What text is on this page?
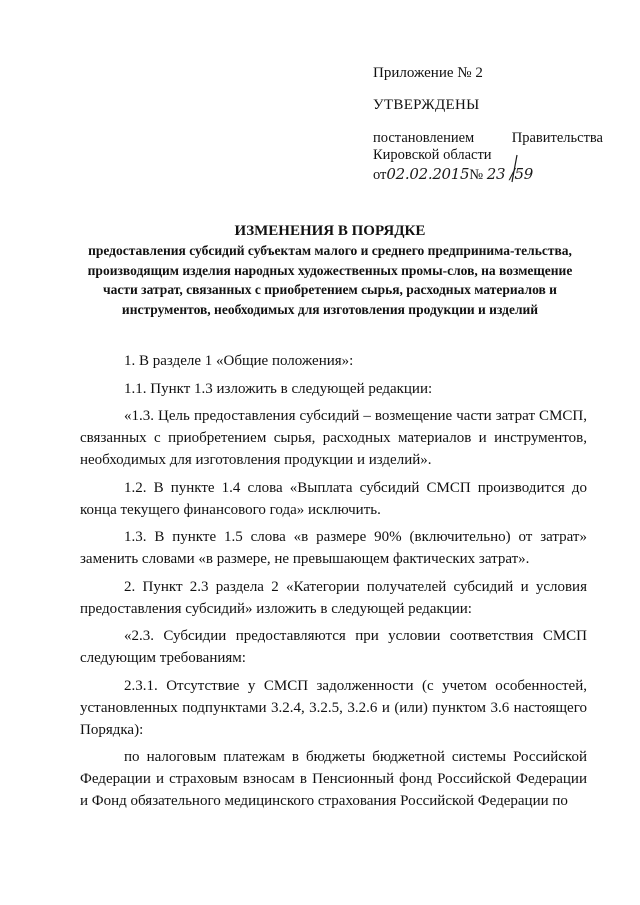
Приложение № 2
УТВЕРЖДЕНЫ
постановлением	Правительства
Кировской области
от02.02.2015№ 23 /59
ИЗМЕНЕНИЯ В ПОРЯДКЕ
предоставления субсидий субъектам малого и среднего предпринима-тельства, производящим изделия народных художественных промы-слов, на возмещение части затрат, связанных с приобретением сырья, расходных материалов и инструментов, необходимых для изготовления продукции и изделий

1. В разделе 1 «Общие положения»:

1.1. Пункт 1.3 изложить в следующей редакции:

«1.3. Цель предоставления субсидий – возмещение части затрат СМСП, связанных с приобретением сырья, расходных материалов и инструментов, необходимых для изготовления продукции и изделий».

1.2. В пункте 1.4 слова «Выплата субсидий СМСП производится до конца текущего финансового года» исключить.

1.3. В пункте 1.5 слова «в размере 90% (включительно) от затрат» заменить словами «в размере, не превышающем фактических затрат».

2. Пункт 2.3 раздела 2 «Категории получателей субсидий и условия предоставления субсидий» изложить в следующей редакции:

«2.3. Субсидии предоставляются при условии соответствия СМСП следующим требованиям:

2.3.1. Отсутствие у СМСП задолженности (с учетом особенностей, установленных подпунктами 3.2.4, 3.2.5, 3.2.6 и (или) пунктом 3.6 настоящего Порядка):

по налоговым платежам в бюджеты бюджетной системы Российской Федерации и страховым взносам в Пенсионный фонд Российской Федерации и Фонд обязательного медицинского страхования Российской Федерации по
